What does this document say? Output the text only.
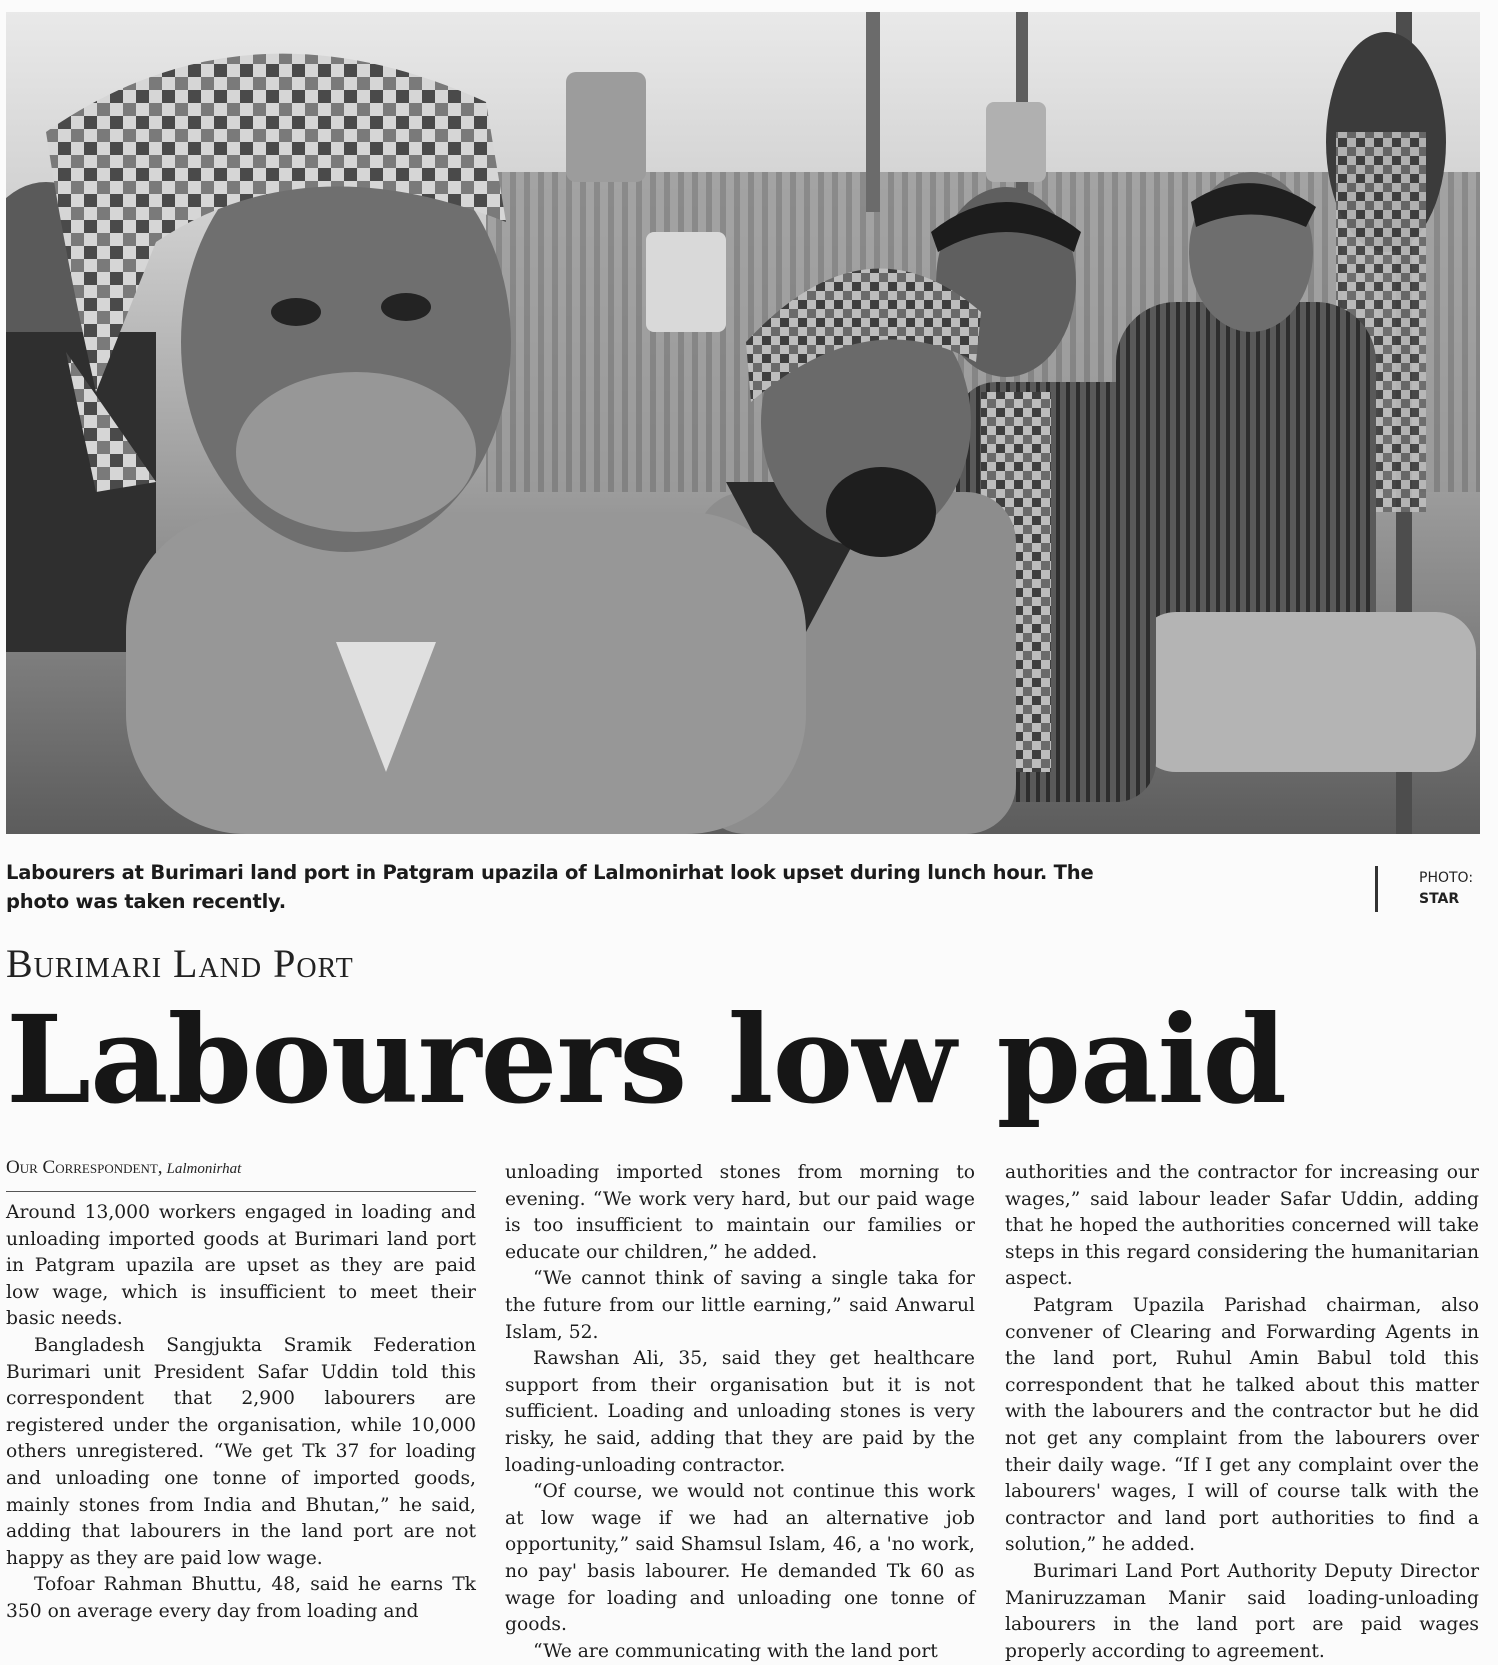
Labourers at Burimari land port in Patgram upazila of Lalmonirhat look upset during lunch hour. The photo was taken recently.
PHOTO:
STAR
Burimari Land Port
Labourers low paid
Our Correspondent, Lalmonirhat

Around 13,000 workers engaged in loading and unloading imported goods at Burimari land port in Patgram upazila are upset as they are paid low wage, which is insufficient to meet their basic needs.

Bangladesh Sangjukta Sramik Federation Burimari unit President Safar Uddin told this correspondent that 2,900 labourers are registered under the organisation, while 10,000 others unregistered. “We get Tk 37 for loading and unloading one tonne of imported goods, mainly stones from India and Bhutan,” he said, adding that labourers in the land port are not happy as they are paid low wage.

Tofoar Rahman Bhuttu, 48, said he earns Tk 350 on average every day from loading and

unloading imported stones from morning to evening. “We work very hard, but our paid wage is too insufficient to maintain our families or educate our children,” he added.

“We cannot think of saving a single taka for the future from our little earning,” said Anwarul Islam, 52.

Rawshan Ali, 35, said they get healthcare support from their organisation but it is not sufficient. Loading and unloading stones is very risky, he said, adding that they are paid by the loading-unloading contractor.

“Of course, we would not continue this work at low wage if we had an alternative job opportunity,” said Shamsul Islam, 46, a 'no work, no pay' basis labourer. He demanded Tk 60 as wage for loading and unloading one tonne of goods.

“We are communicating with the land port

authorities and the contractor for increasing our wages,” said labour leader Safar Uddin, adding that he hoped the authorities concerned will take steps in this regard considering the humanitarian aspect.

Patgram Upazila Parishad chairman, also convener of Clearing and Forwarding Agents in the land port, Ruhul Amin Babul told this correspondent that he talked about this matter with the labourers and the contractor but he did not get any complaint from the labourers over their daily wage. “If I get any complaint over the labourers' wages, I will of course talk with the contractor and land port authorities to find a solution,” he added.

Burimari Land Port Authority Deputy Director Maniruzzaman Manir said loading-unloading labourers in the land port are paid wages properly according to agreement.
